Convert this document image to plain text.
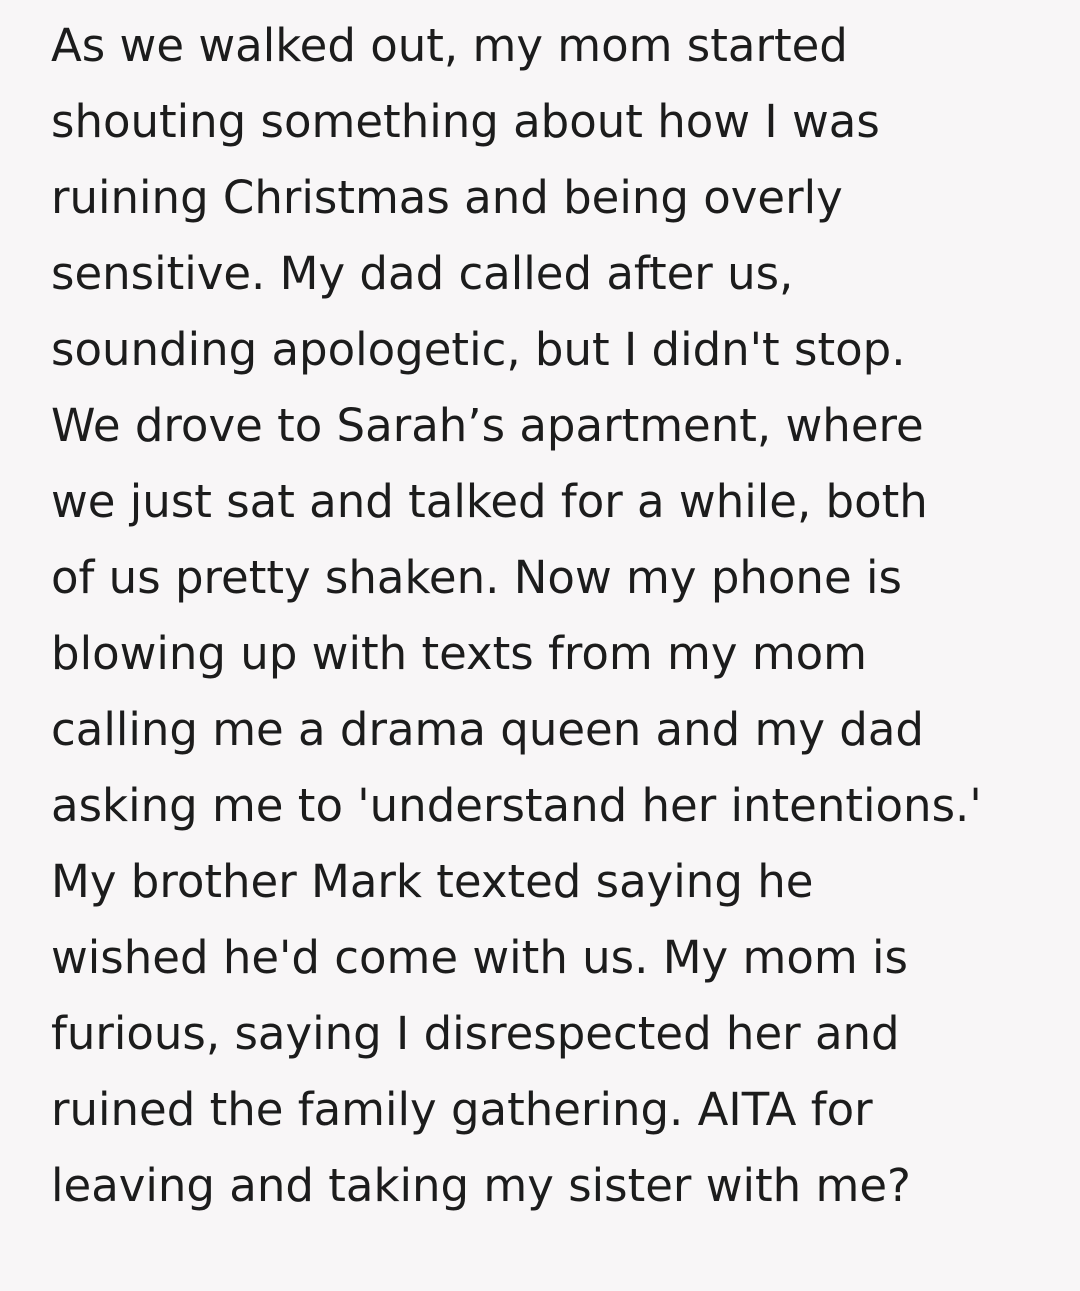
As we walked out, my mom started
shouting something about how I was
ruining Christmas and being overly
sensitive. My dad called after us,
sounding apologetic, but I didn't stop.
We drove to Sarah’s apartment, where
we just sat and talked for a while, both
of us pretty shaken. Now my phone is
blowing up with texts from my mom
calling me a drama queen and my dad
asking me to 'understand her intentions.'
My brother Mark texted saying he
wished he'd come with us. My mom is
furious, saying I disrespected her and
ruined the family gathering. AITA for
leaving and taking my sister with me?
